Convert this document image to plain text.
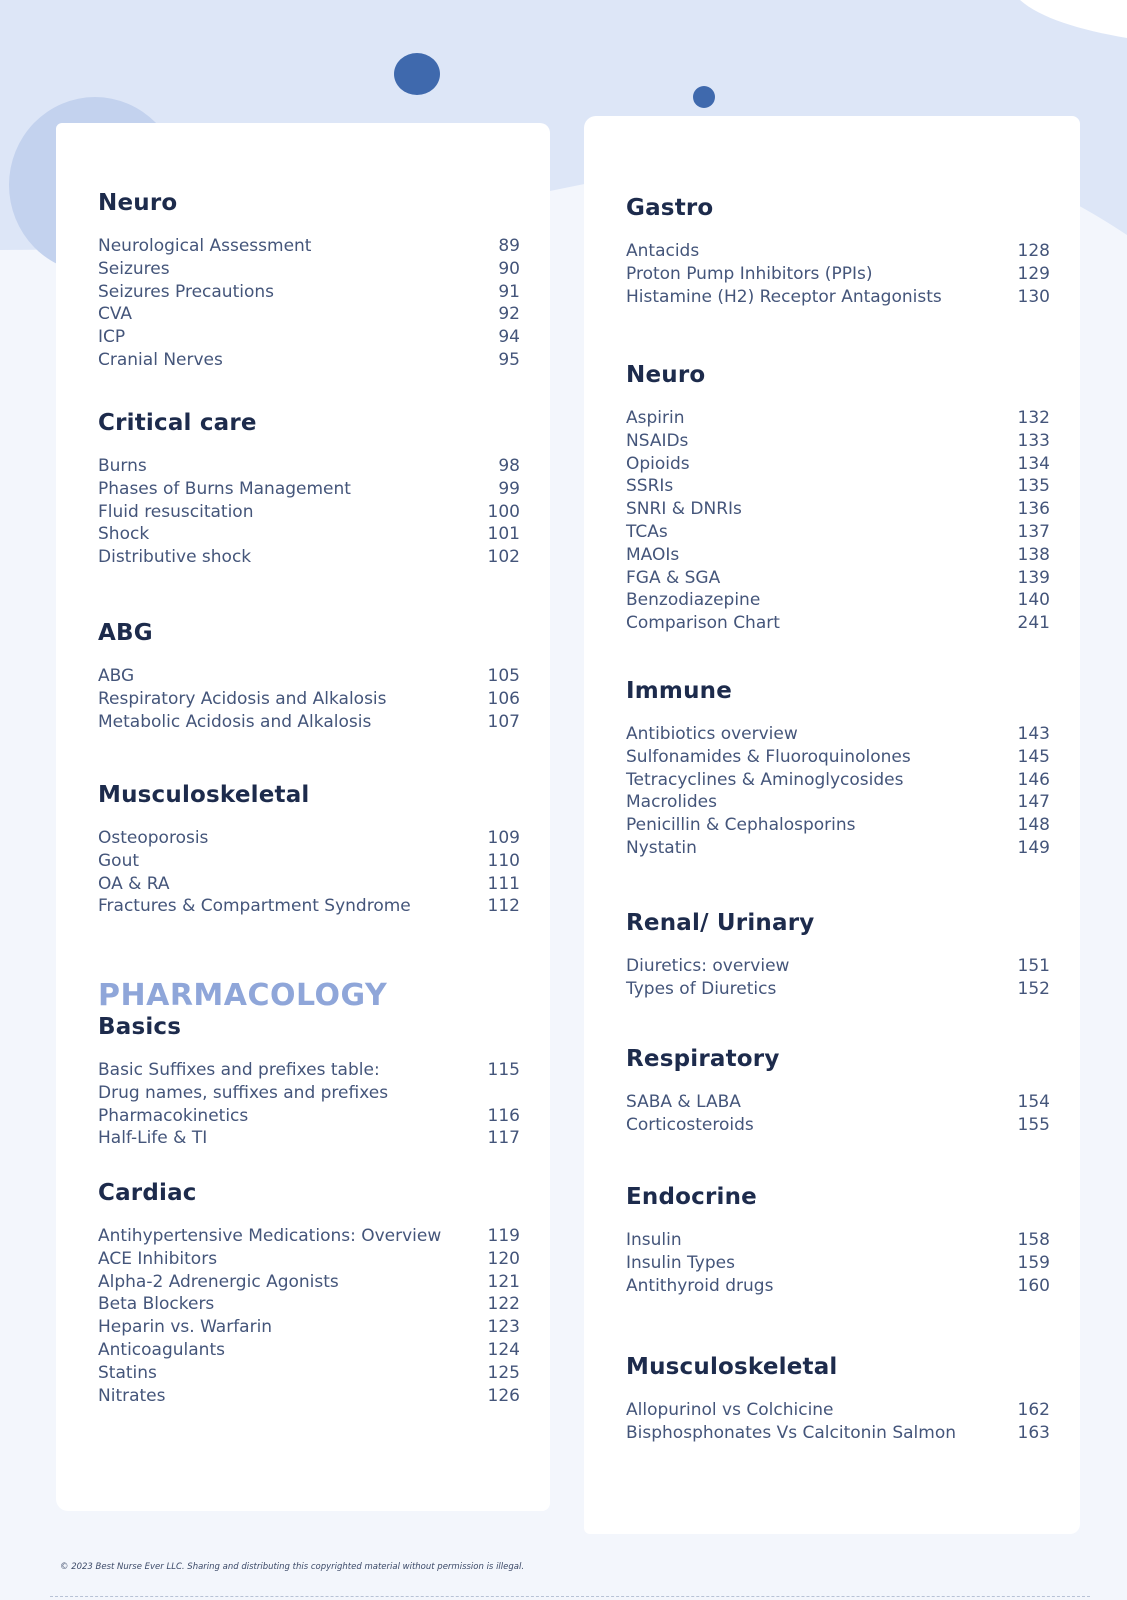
Neuro
Neurological Assessment	89
Seizures	90
Seizures Precautions	91
CVA	92
ICP	94
Cranial Nerves	95
Critical care
Burns	98
Phases of Burns Management	99
Fluid resuscitation	100
Shock	101
Distributive shock	102
ABG
ABG	105
Respiratory Acidosis and Alkalosis	106
Metabolic Acidosis and Alkalosis	107
Musculoskeletal
Osteoporosis	109
Gout	110
OA & RA	111
Fractures & Compartment Syndrome	112
PHARMACOLOGY
Basics
Basic Suffixes and prefixes table:	115
Drug names, suffixes and prefixes
Pharmacokinetics	116
Half-Life & TI	117
Cardiac
Antihypertensive Medications: Overview	119
ACE Inhibitors	120
Alpha-2 Adrenergic Agonists	121
Beta Blockers	122
Heparin vs. Warfarin	123
Anticoagulants	124
Statins	125
Nitrates	126
Gastro
Antacids	128
Proton Pump Inhibitors (PPIs)	129
Histamine (H2) Receptor Antagonists	130
Neuro
Aspirin	132
NSAIDs	133
Opioids	134
SSRIs	135
SNRI & DNRIs	136
TCAs	137
MAOIs	138
FGA & SGA	139
Benzodiazepine	140
Comparison Chart	241
Immune
Antibiotics overview	143
Sulfonamides & Fluoroquinolones	145
Tetracyclines & Aminoglycosides	146
Macrolides	147
Penicillin & Cephalosporins	148
Nystatin	149
Renal/ Urinary
Diuretics: overview	151
Types of Diuretics	152
Respiratory
SABA & LABA	154
Corticosteroids	155
Endocrine
Insulin	158
Insulin Types	159
Antithyroid drugs	160
Musculoskeletal
Allopurinol vs Colchicine	162
Bisphosphonates Vs Calcitonin Salmon	163
© 2023 Best Nurse Ever LLC. Sharing and distributing this copyrighted material without permission is illegal.
